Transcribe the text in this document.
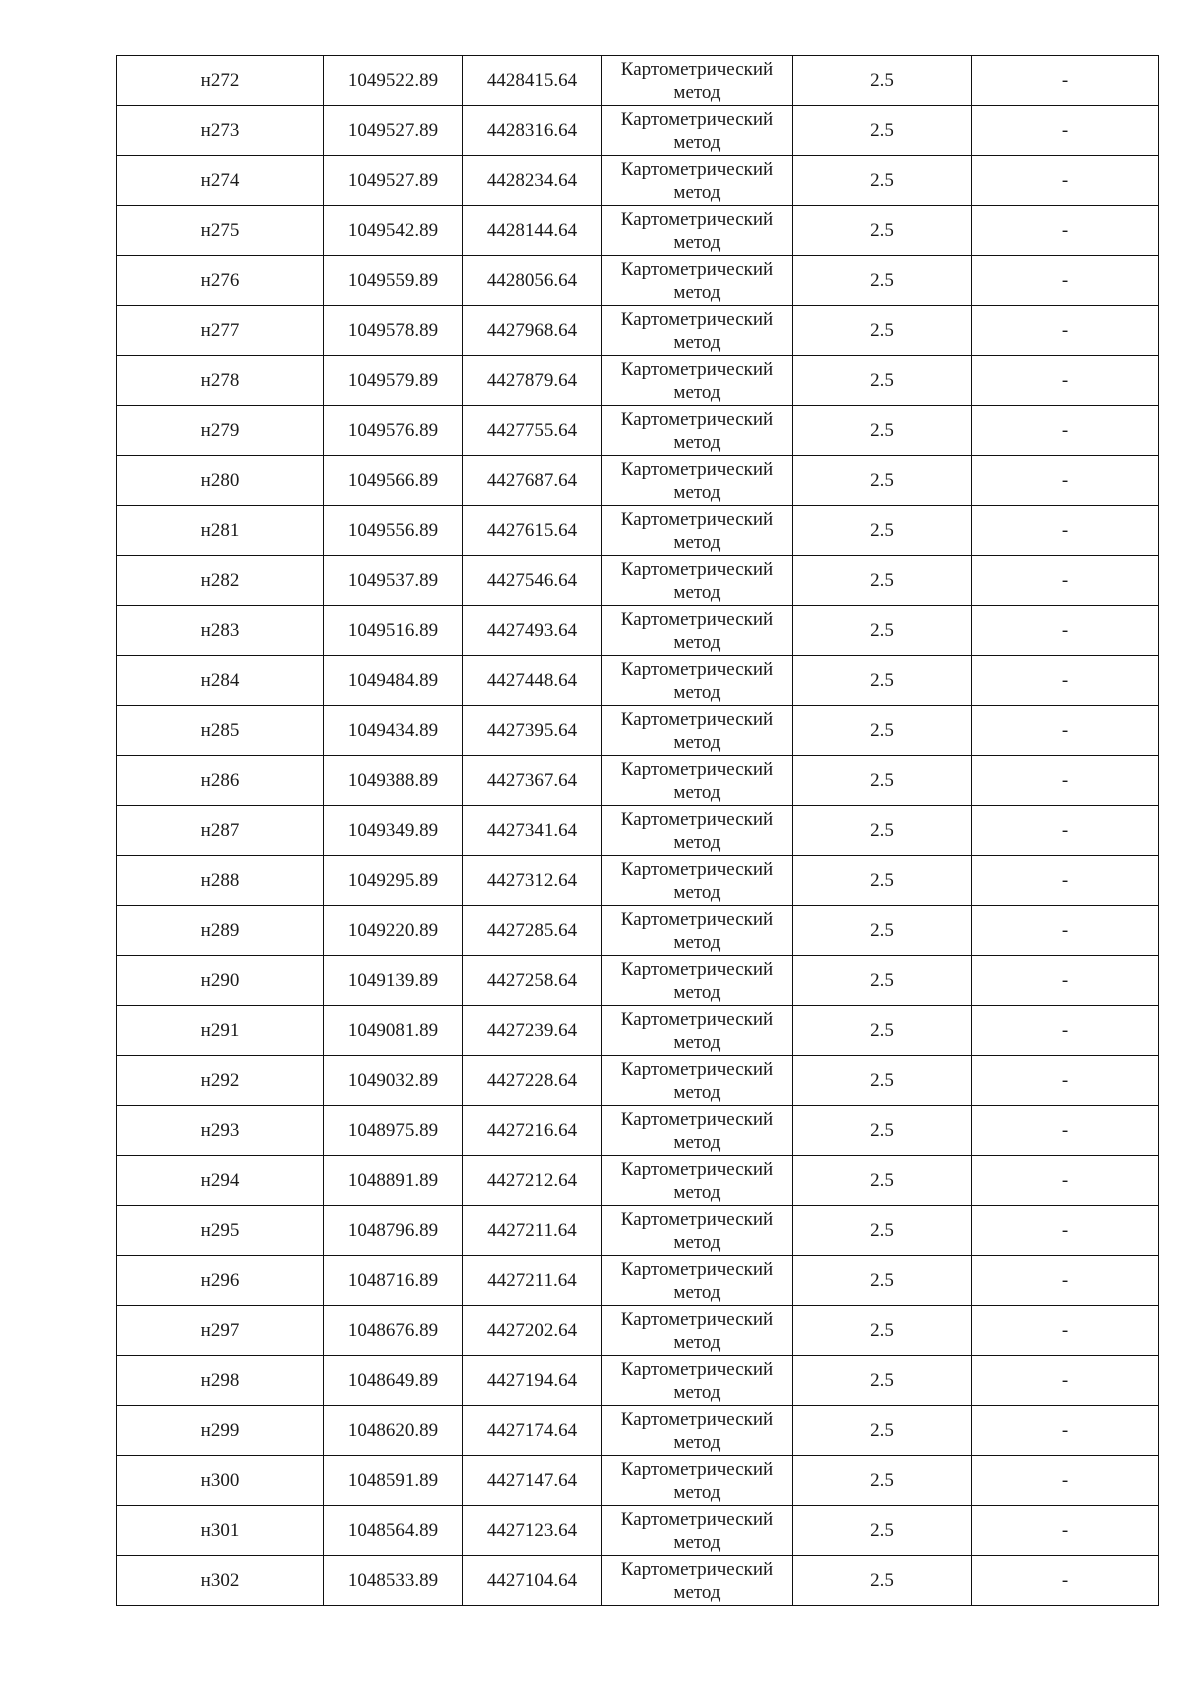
н272	1049522.89	4428415.64	Картометрический метод	2.5	-
н273	1049527.89	4428316.64	Картометрический метод	2.5	-
н274	1049527.89	4428234.64	Картометрический метод	2.5	-
н275	1049542.89	4428144.64	Картометрический метод	2.5	-
н276	1049559.89	4428056.64	Картометрический метод	2.5	-
н277	1049578.89	4427968.64	Картометрический метод	2.5	-
н278	1049579.89	4427879.64	Картометрический метод	2.5	-
н279	1049576.89	4427755.64	Картометрический метод	2.5	-
н280	1049566.89	4427687.64	Картометрический метод	2.5	-
н281	1049556.89	4427615.64	Картометрический метод	2.5	-
н282	1049537.89	4427546.64	Картометрический метод	2.5	-
н283	1049516.89	4427493.64	Картометрический метод	2.5	-
н284	1049484.89	4427448.64	Картометрический метод	2.5	-
н285	1049434.89	4427395.64	Картометрический метод	2.5	-
н286	1049388.89	4427367.64	Картометрический метод	2.5	-
н287	1049349.89	4427341.64	Картометрический метод	2.5	-
н288	1049295.89	4427312.64	Картометрический метод	2.5	-
н289	1049220.89	4427285.64	Картометрический метод	2.5	-
н290	1049139.89	4427258.64	Картометрический метод	2.5	-
н291	1049081.89	4427239.64	Картометрический метод	2.5	-
н292	1049032.89	4427228.64	Картометрический метод	2.5	-
н293	1048975.89	4427216.64	Картометрический метод	2.5	-
н294	1048891.89	4427212.64	Картометрический метод	2.5	-
н295	1048796.89	4427211.64	Картометрический метод	2.5	-
н296	1048716.89	4427211.64	Картометрический метод	2.5	-
н297	1048676.89	4427202.64	Картометрический метод	2.5	-
н298	1048649.89	4427194.64	Картометрический метод	2.5	-
н299	1048620.89	4427174.64	Картометрический метод	2.5	-
н300	1048591.89	4427147.64	Картометрический метод	2.5	-
н301	1048564.89	4427123.64	Картометрический метод	2.5	-
н302	1048533.89	4427104.64	Картометрический метод	2.5	-
